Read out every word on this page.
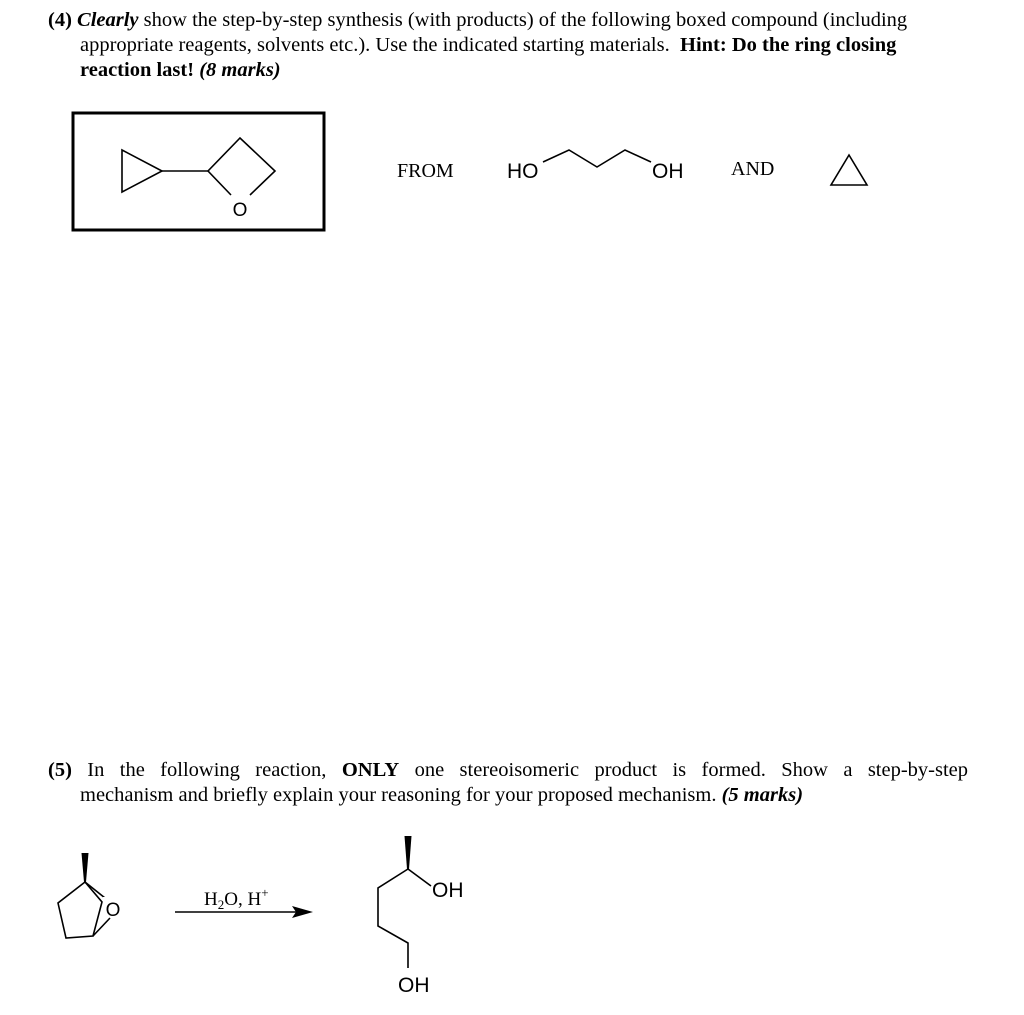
(4) Clearly show the step-by-step synthesis (with products) of the following boxed compound (including
appropriate reagents, solvents etc.). Use the indicated starting materials. Hint: Do the ring closing
reaction last! (8 marks)
O
FROM	HO	OH AND
(5) In the following reaction, ONLY one stereoisomeric product is formed. Show a step-by-step
mechanism and briefly explain your reasoning for your proposed mechanism. (5 marks)
O
$H_2O$, H+	OH
OH
